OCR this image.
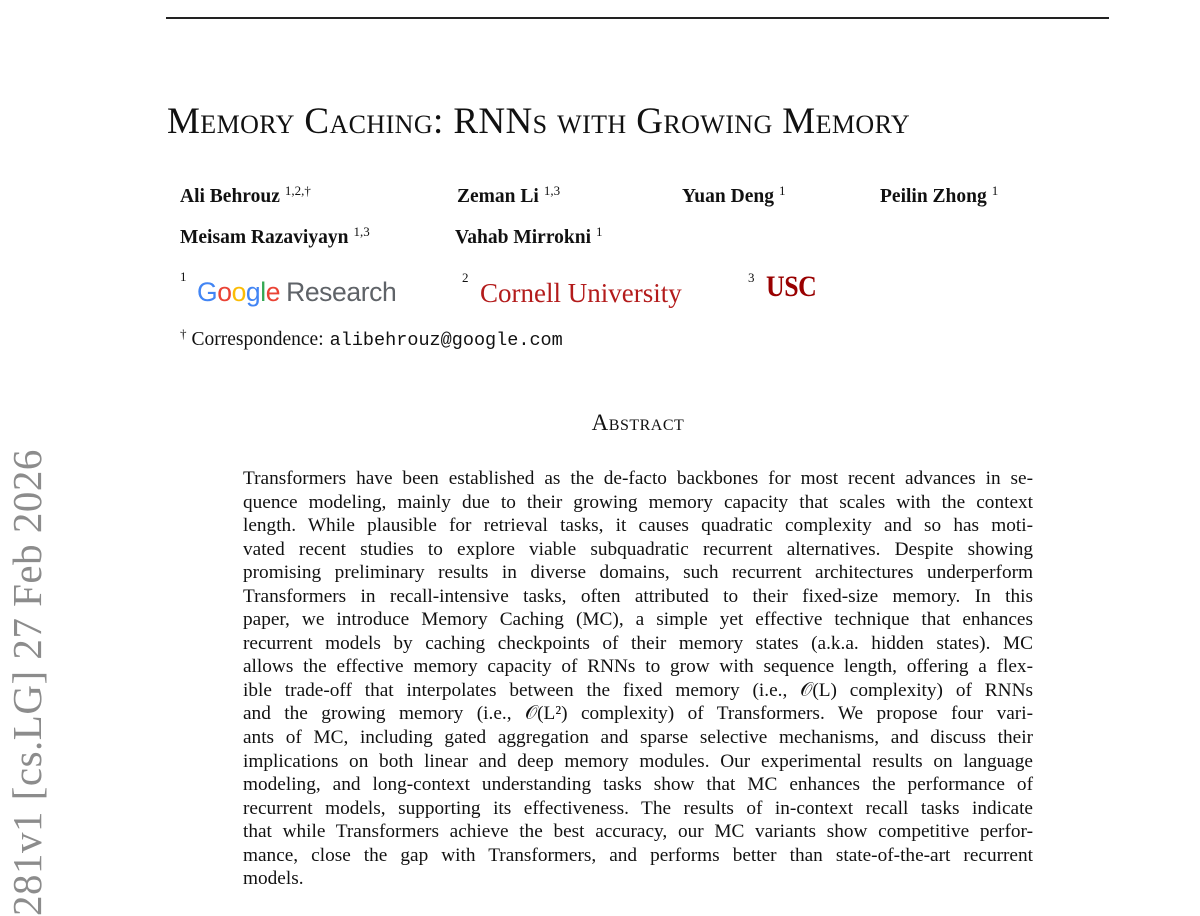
281v1 [cs.LG] 27 Feb 2026
Memory Caching: RNNs with Growing Memory
Ali Behrouz $^{1,2,\dagger}$	Zeman Li $^{1,3}$	Yuan Deng $^1$	Peilin Zhong $^1$
Meisam Razaviyayn $^{1,3}$	Vahab Mirrokni $^1$
1
Google Research	2
Cornell University
3 USC
† Correspondence: alibehrouz@google.com
Abstract
Transformers have been established as the de-facto backbones for most recent advances in se-
quence modeling, mainly due to their growing memory capacity that scales with the context
length. While plausible for retrieval tasks, it causes quadratic complexity and so has moti-
vated recent studies to explore viable subquadratic recurrent alternatives. Despite showing
promising preliminary results in diverse domains, such recurrent architectures underperform
Transformers in recall-intensive tasks, often attributed to their fixed-size memory. In this
paper, we introduce Memory Caching (MC), a simple yet effective technique that enhances
recurrent models by caching checkpoints of their memory states (a.k.a. hidden states). MC
allows the effective memory capacity of RNNs to grow with sequence length, offering a flex-
ible trade-off that interpolates between the fixed memory (i.e., 𝒪(L) complexity) of RNNs
and the growing memory (i.e., 𝒪(L²) complexity) of Transformers. We propose four vari-
ants of MC, including gated aggregation and sparse selective mechanisms, and discuss their
implications on both linear and deep memory modules. Our experimental results on language
modeling, and long-context understanding tasks show that MC enhances the performance of
recurrent models, supporting its effectiveness. The results of in-context recall tasks indicate
that while Transformers achieve the best accuracy, our MC variants show competitive perfor-
mance, close the gap with Transformers, and performs better than state-of-the-art recurrent
models.
